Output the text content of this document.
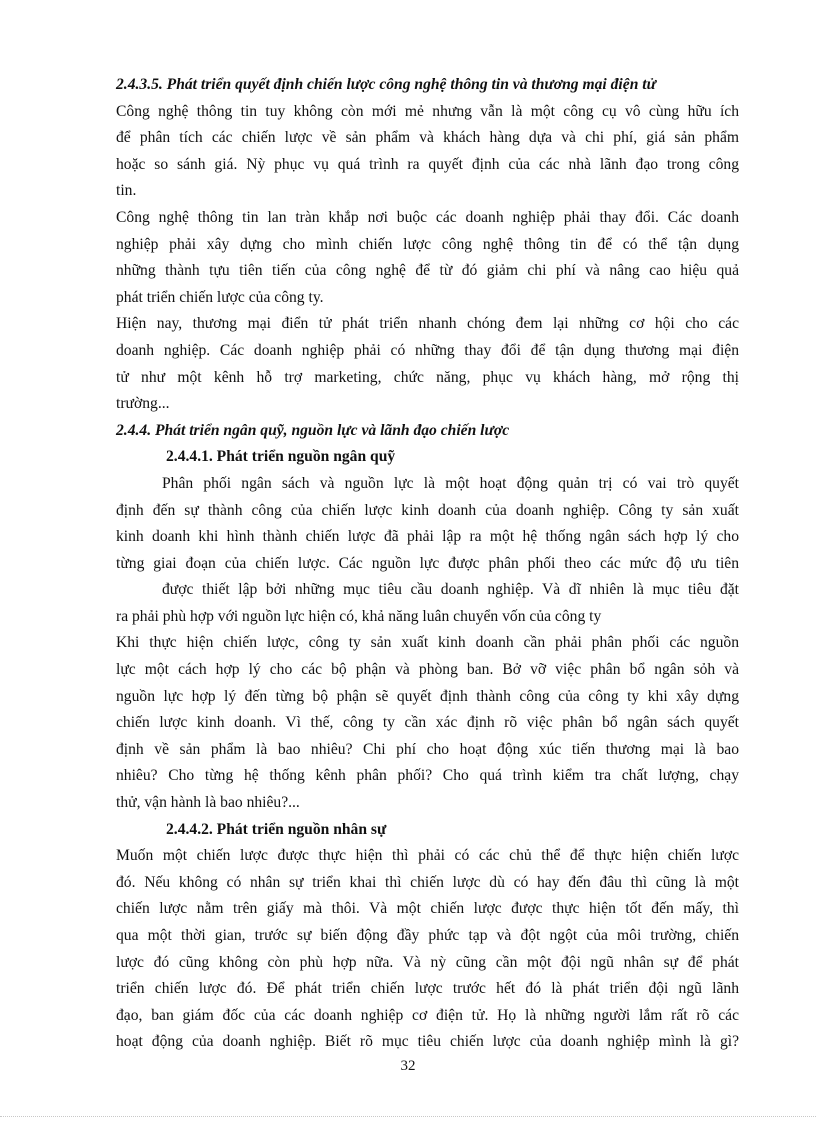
2.4.3.5. Phát triển quyết định chiến lược công nghệ thông tin và thương mại điện tử
Công nghệ thông tin tuy không còn mới mẻ nhưng vẫn là một công cụ vô cùng hữu ích
để phân tích các chiến lược về sản phẩm và khách hàng dựa và chi phí, giá sản phẩm
hoặc so sánh giá. Nỳ phục vụ quá trình ra quyết định của các nhà lãnh đạo trong công
tin.
Công nghệ thông tin lan tràn khắp nơi buộc các doanh nghiệp phải thay đổi. Các doanh
nghiệp phải xây dựng cho mình chiến lược công nghệ thông tin để có thể tận dụng
những thành tựu tiên tiến của công nghệ để từ đó giảm chi phí và nâng cao hiệu quả
phát triển chiến lược của công ty.
Hiện nay, thương mại điển tử phát triển nhanh chóng đem lại những cơ hội cho các
doanh nghiệp. Các doanh nghiệp phải có những thay đổi để tận dụng thương mại điện
tử như một kênh hỗ trợ marketing, chức năng, phục vụ khách hàng, mở rộng thị
trường...
2.4.4. Phát triển ngân quỹ, nguồn lực và lãnh đạo chiến lược
2.4.4.1. Phát triển nguồn ngân quỹ
Phân phối ngân sách và nguồn lực là một hoạt động quản trị có vai trò quyết
định đến sự thành công của chiến lược kinh doanh của doanh nghiệp. Công ty sản xuất
kinh doanh khi hình thành chiến lược đã phải lập ra một hệ thống ngân sách hợp lý cho
từng giai đoạn của chiến lược. Các nguồn lực được phân phối theo các mức độ ưu tiên
được thiết lập bởi những mục tiêu cầu doanh nghiệp. Và dĩ nhiên là mục tiêu đặt
ra phải phù hợp với nguồn lực hiện có, khả năng luân chuyển vốn của công ty
Khi thực hiện chiến lược, công ty sản xuất kinh doanh cần phải phân phối các nguồn
lực một cách hợp lý cho các bộ phận và phòng ban. Bở vỡ việc phân bổ ngân sỏh và
nguồn lực hợp lý đến từng bộ phận sẽ quyết định thành công của công ty khi xây dựng
chiến lược kinh doanh. Vì thế, công ty cần xác định rõ việc phân bổ ngân sách quyết
định về sản phẩm là bao nhiêu? Chi phí cho hoạt động xúc tiến thương mại là bao
nhiêu? Cho từng hệ thống kênh phân phối? Cho quá trình kiểm tra chất lượng, chạy
thử, vận hành là bao nhiêu?...
2.4.4.2. Phát triển nguồn nhân sự
Muốn một chiến lược được thực hiện thì phải có các chủ thể để thực hiện chiến lược
đó. Nếu không có nhân sự triển khai thì chiến lược dù có hay đến đâu thì cũng là một
chiến lược nằm trên giấy mà thôi. Và một chiến lược được thực hiện tốt đến mấy, thì
qua một thời gian, trước sự biến động đầy phức tạp và đột ngột của môi trường, chiến
lược đó cũng không còn phù hợp nữa. Và nỳ cũng cần một đội ngũ nhân sự để phát
triển chiến lược đó. Để phát triển chiến lược trước hết đó là phát triển đội ngũ lãnh
đạo, ban giám đốc của các doanh nghiệp cơ điện tử. Họ là những người lắm rất rõ các
hoạt động của doanh nghiệp. Biết rõ mục tiêu chiến lược của doanh nghiệp mình là gì?
32
